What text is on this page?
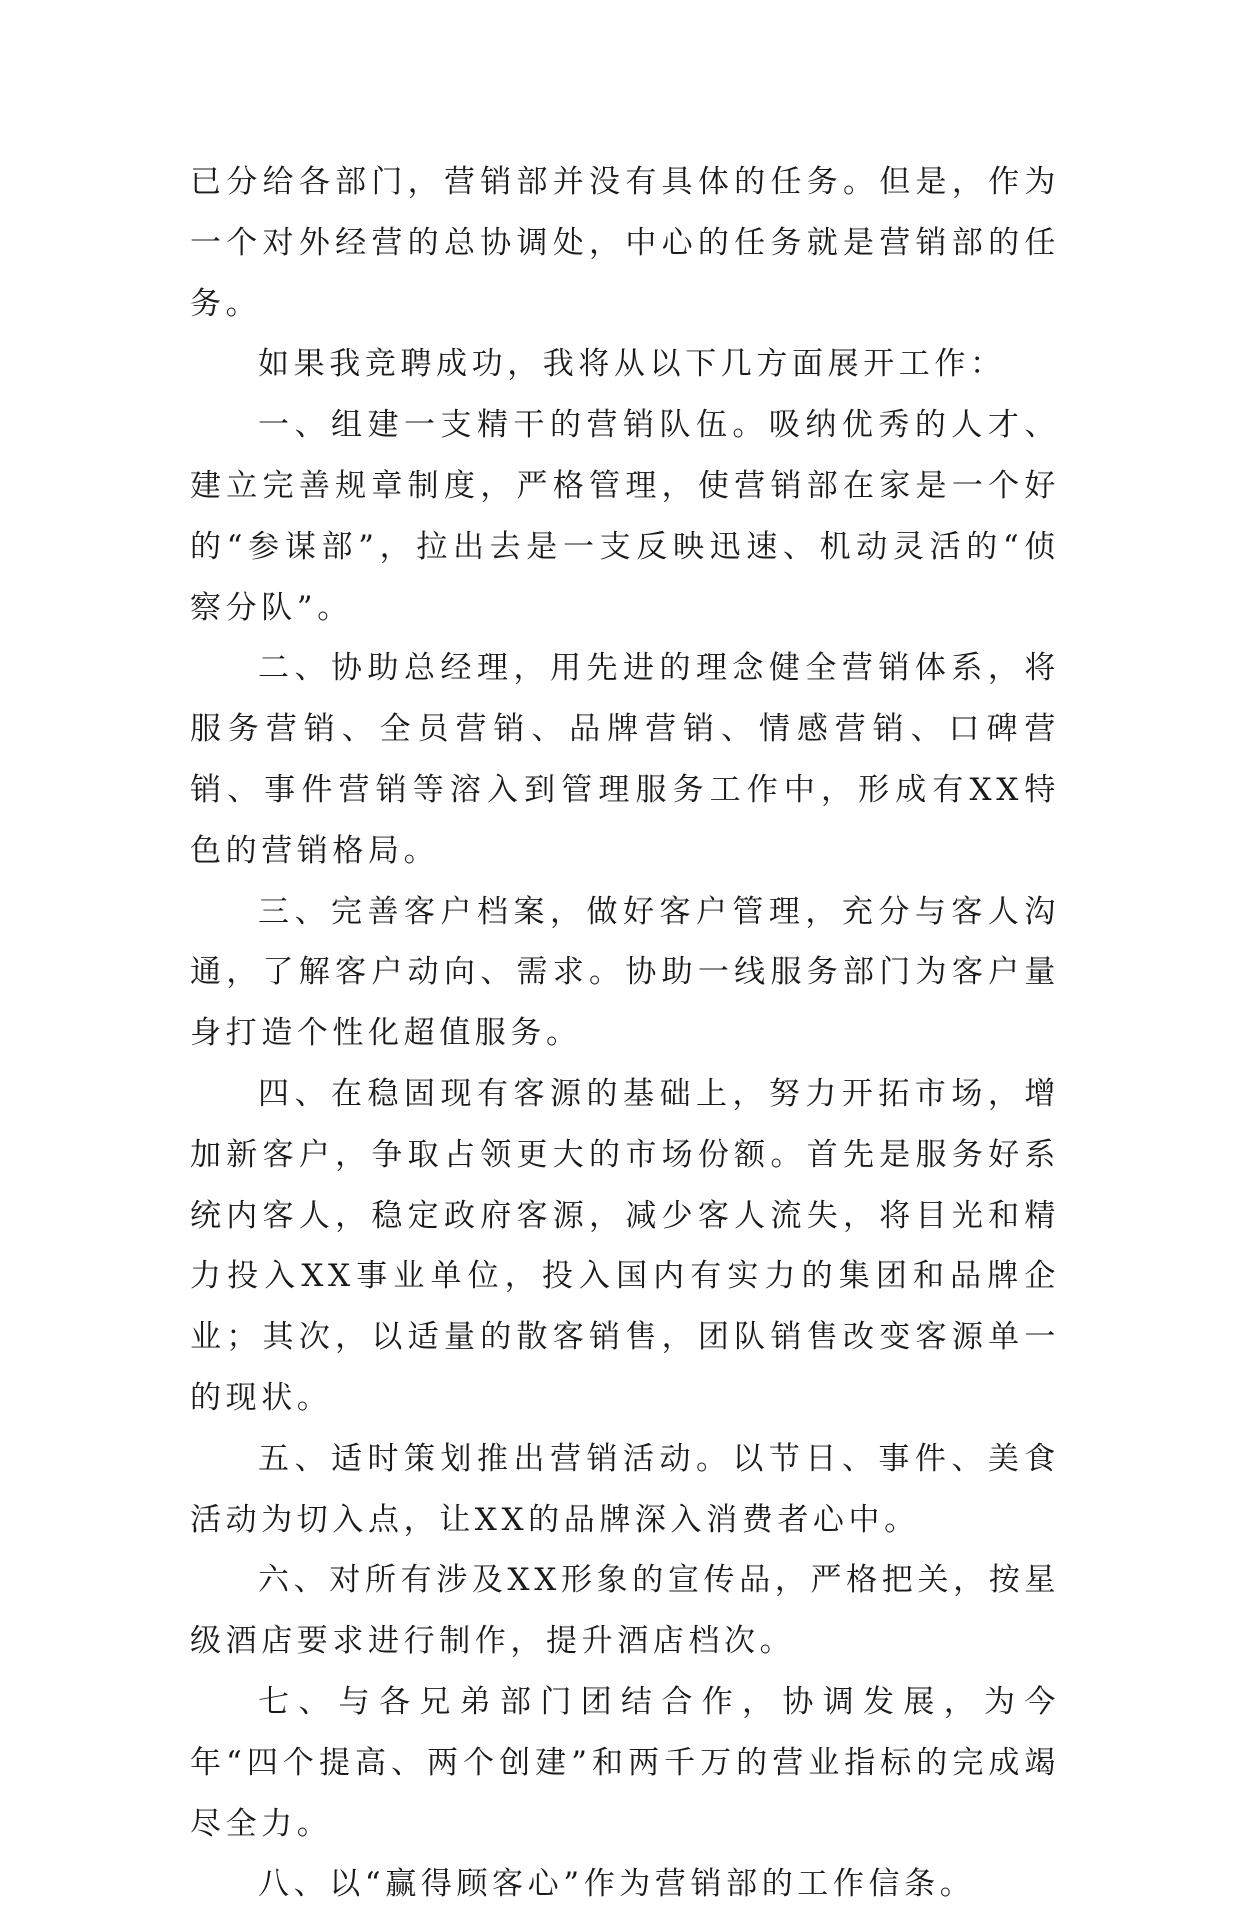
已分给各部门，营销部并没有具体的任务。但是，作为一个对外经营的总协调处，中心的任务就是营销部的任务。

如果我竞聘成功，我将从以下几方面展开工作：

一、组建一支精干的营销队伍。吸纳优秀的人才、建立完善规章制度，严格管理，使营销部在家是一个好的“参谋部”，拉出去是一支反映迅速、机动灵活的“侦察分队”。

二、协助总经理，用先进的理念健全营销体系，将服务营销、全员营销、品牌营销、情感营销、口碑营销、事件营销等溶入到管理服务工作中，形成有XX特色的营销格局。

三、完善客户档案，做好客户管理，充分与客人沟通，了解客户动向、需求。协助一线服务部门为客户量身打造个性化超值服务。

四、在稳固现有客源的基础上，努力开拓市场，增加新客户，争取占领更大的市场份额。首先是服务好系统内客人，稳定政府客源，减少客人流失，将目光和精力投入XX事业单位，投入国内有实力的集团和品牌企业；其次，以适量的散客销售，团队销售改变客源单一的现状。

五、适时策划推出营销活动。以节日、事件、美食活动为切入点，让XX的品牌深入消费者心中。

六、对所有涉及XX形象的宣传品，严格把关，按星级酒店要求进行制作，提升酒店档次。

七、与各兄弟部门团结合作，协调发展，为今年“四个提高、两个创建”和两千万的营业指标的完成竭尽全力。

八、以“赢得顾客心”作为营销部的工作信条。
